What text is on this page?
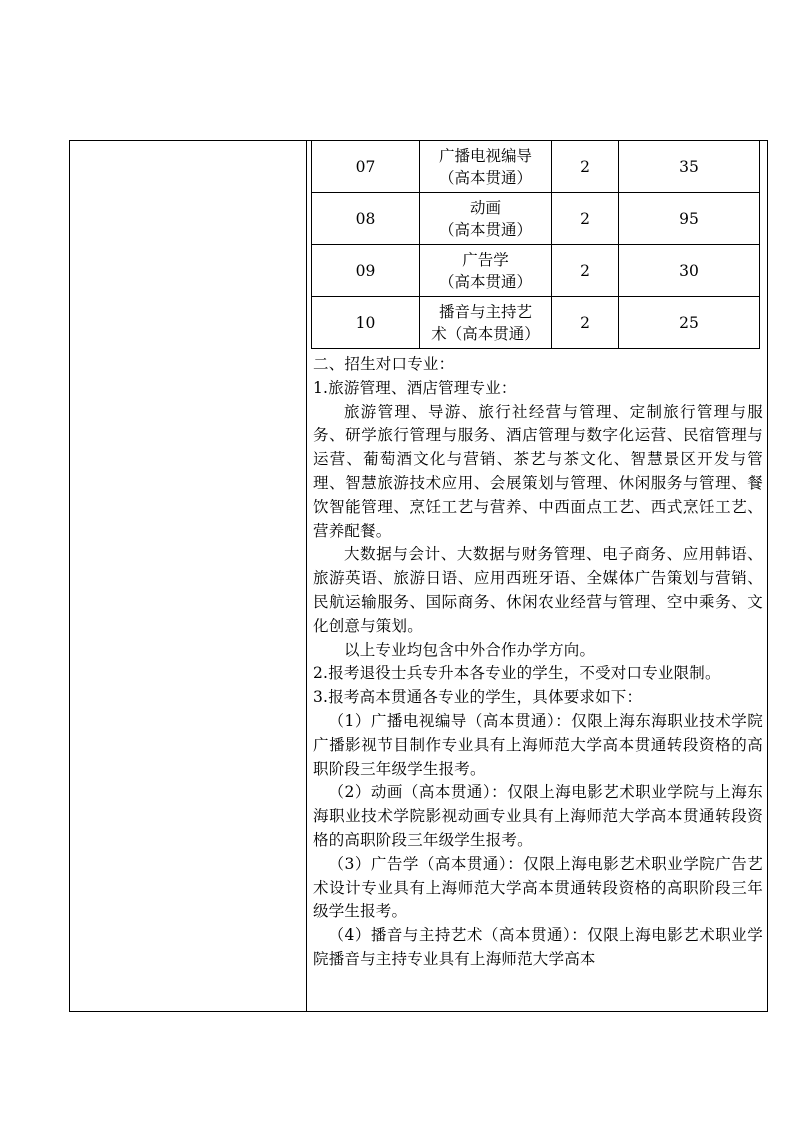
07	广播电视编导
（高本贯通）	2	35
08	动画
（高本贯通）	2	95
09	广告学
（高本贯通）	2	30
10	播音与主持艺
术（高本贯通）	2	25

二、招生对口专业：

1.旅游管理、酒店管理专业：

旅游管理、导游、旅行社经营与管理、定制旅行管理与服务、研学旅行管理与服务、酒店管理与数字化运营、民宿管理与运营、葡萄酒文化与营销、茶艺与茶文化、智慧景区开发与管理、智慧旅游技术应用、会展策划与管理、休闲服务与管理、餐饮智能管理、烹饪工艺与营养、中西面点工艺、西式烹饪工艺、营养配餐。

大数据与会计、大数据与财务管理、电子商务、应用韩语、旅游英语、旅游日语、应用西班牙语、全媒体广告策划与营销、民航运输服务、国际商务、休闲农业经营与管理、空中乘务、文化创意与策划。

以上专业均包含中外合作办学方向。

2.报考退役士兵专升本各专业的学生，不受对口专业限制。

3.报考高本贯通各专业的学生，具体要求如下：

（1）广播电视编导（高本贯通）：仅限上海东海职业技术学院广播影视节目制作专业具有上海师范大学高本贯通转段资格的高职阶段三年级学生报考。

（2）动画（高本贯通）：仅限上海电影艺术职业学院与上海东海职业技术学院影视动画专业具有上海师范大学高本贯通转段资格的高职阶段三年级学生报考。

（3）广告学（高本贯通）：仅限上海电影艺术职业学院广告艺术设计专业具有上海师范大学高本贯通转段资格的高职阶段三年级学生报考。

（4）播音与主持艺术（高本贯通）：仅限上海电影艺术职业学院播音与主持专业具有上海师范大学高本
